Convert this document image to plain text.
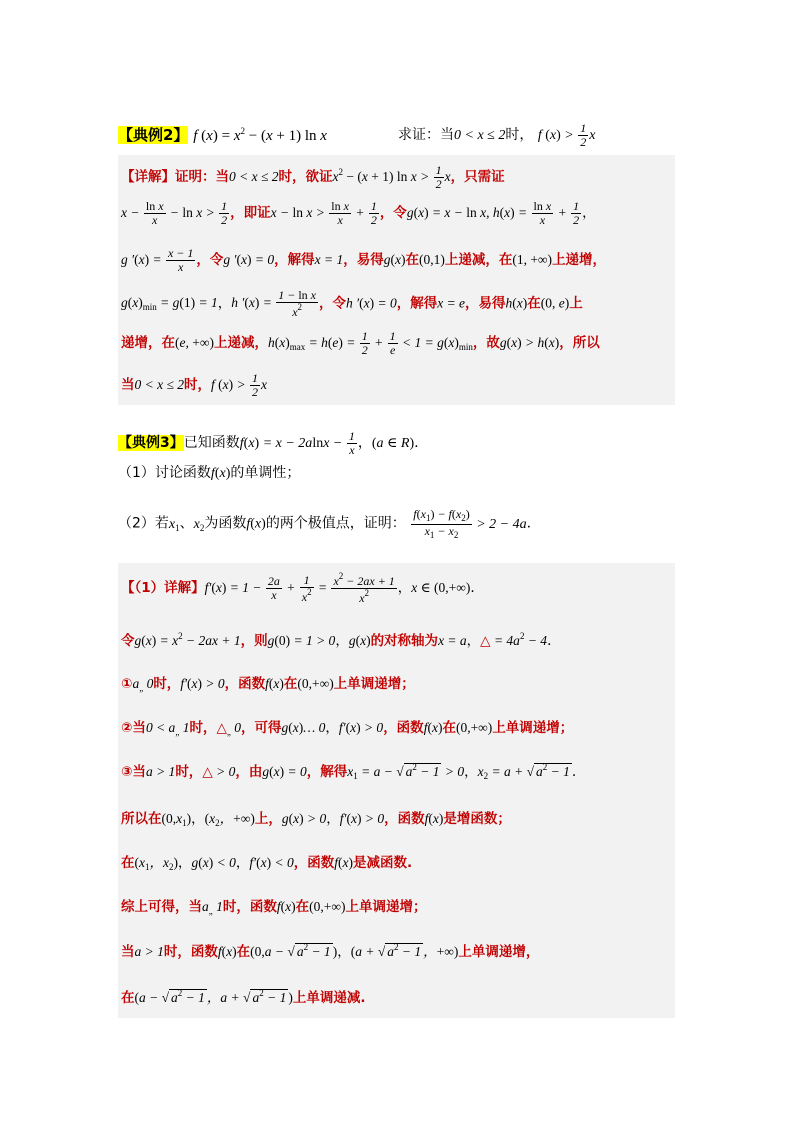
【典例2】 f $(x) = x^2 - (x + 1)$ ln x	求证：当0 < x ≤ 2时， f $(x) > \frac{1}{2}$ x
【详解】证明：当0 < x ≤ 2时，欲证$x^2 - (x + 1)$ $\ln x > \frac{1}{2}$ x，只需证
$x - \frac{\text{ln x}}{x} - \ln x > \frac{1}{2}$ ，即证$x - \ln x > \frac{\text{ln x}}{x} + \frac{1}{2}$ ，令g(x) = x − ln x, $h(x) = \frac{\text{ln x}}{x} + \frac{1}{2}$ ，
g $'(x) = \frac{x - 1}{x}$ ，令g ′(x) = 0，解得x = 1，易得g(x)在(0,1)上递减，在(1, +∞)上递增，
$g(x)_{min} = g(1) = 1$，h $'(x) = \frac{\text{1 − ln x}}{x^2}$ ，令h ′(x) = 0，解得x = e，易得h(x)在(0, e)上
递增，在(e, +∞)上递减，$h(x)_{max} = h(e) = \frac{1}{2} + \frac{1}{e} < 1 = g(x)_{min}$，故g(x) > h(x)，所以
当0 < x ≤ 2时，f $(x) > \frac{1}{2}$ x
【典例3】已知函数$f(x) = x - 2alnx - \frac{1}{x}$ ，(a ∈ R).
（1）讨论函数f(x)的单调性；
（2）若$x_1$、$x_2$为函数f(x)的两个极值点，证明： $\frac{f(x_1) - f(x_2)}{x_1 - x_2} > 2 - 4a$.
【（1）详解】$f'(x) = 1 - \frac{2a}{x} + \frac{1}{x^2} = \frac{x^2 - 2ax + 1}{x^2}$ ，x ∈ (0,+∞).
令$g(x) = x^2 - 2ax + 1$，则g(0) = 1 > 0，g(x)的对称轴为x = a，△ = $4a^2 - 4$.
$①a_„$ 0时，f′(x) > 0，函数f(x)在(0,+∞)上单调递增；
②当$0 < a_„$ 1时，$\triangle_„$ 0，可得g(x)… 0，f′(x) > 0，函数f(x)在(0,+∞)上单调递增；
③当a > 1时，△ > 0，由g(x) = 0，解得$x_1 = a$ − √ $a^2 - 1 > 0$，$x_2 = a$ + √ $a^2 - 1$ .
所以在$(0,x_1)$，($x_2$，+∞)上，g(x) > 0，f′(x) > 0，函数f(x)是增函数；
在($x_1$，$x_2$)，g(x) < 0，f′(x) < 0，函数f(x)是减函数.
综上可得，当$a_„$ 1时，函数f(x)在(0,+∞)上单调递增；
当a > 1时，函数f(x)在(0,a − √ $a^2 - 1$ )，(a + √ $a^2 - 1$ ，+∞)上单调递增，
在(a − √ $a^2 - 1$ ，a + √ $a^2 - 1$ )上单调递减.
